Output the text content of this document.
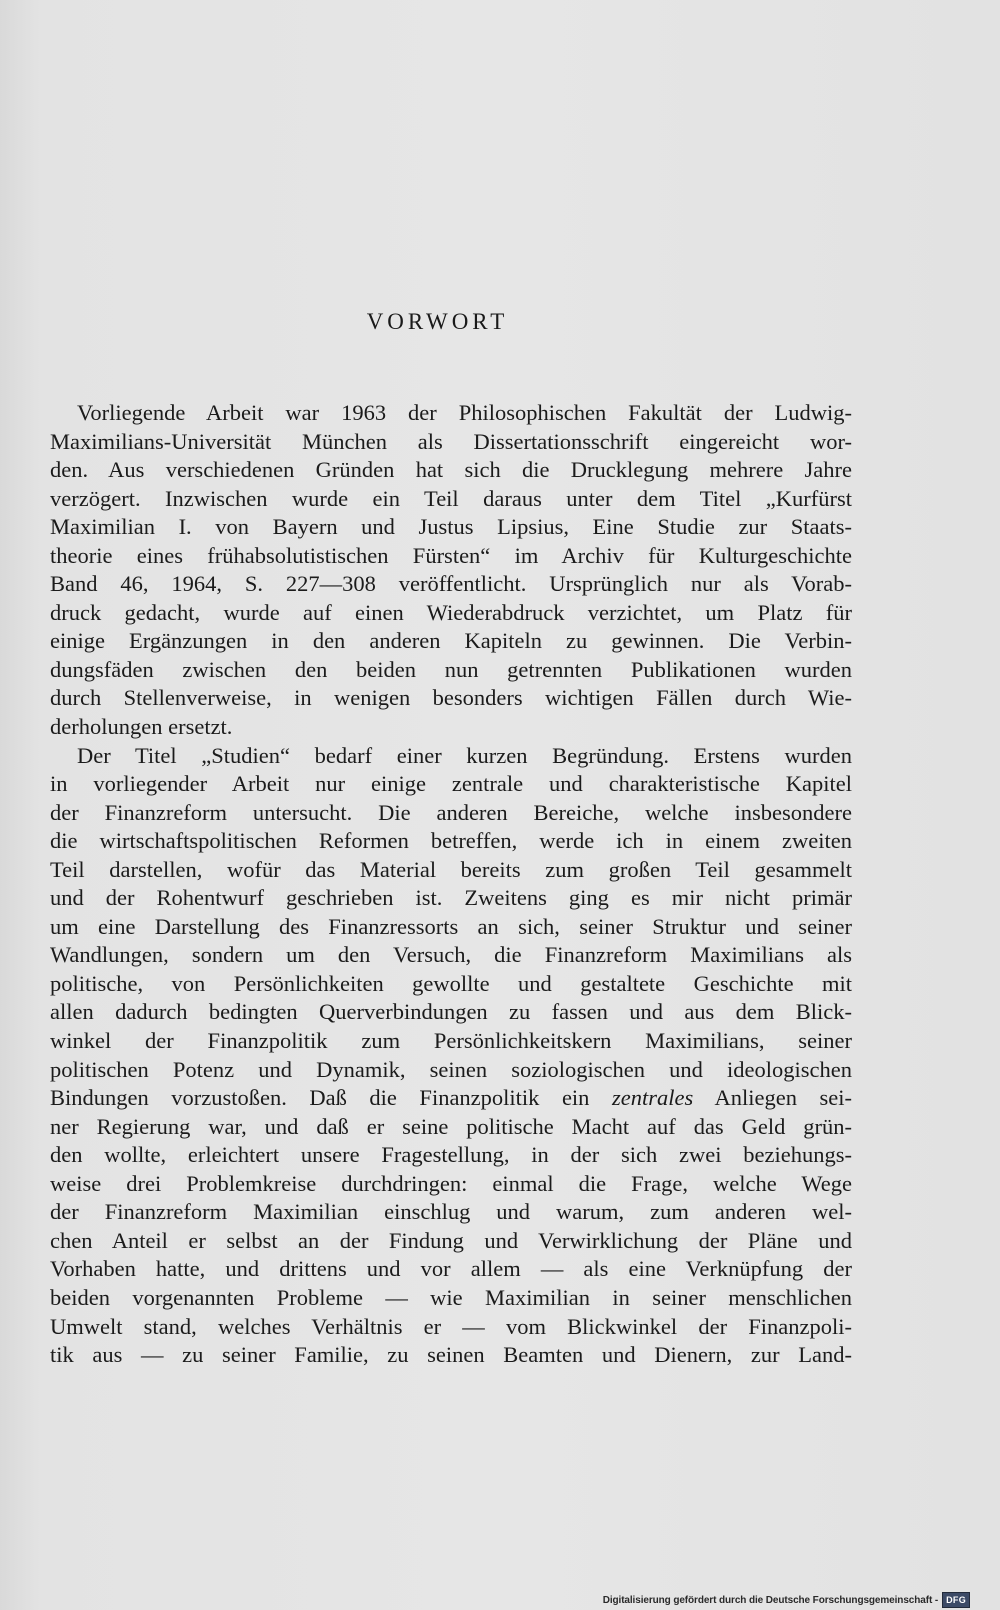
VORWORT
Vorliegende Arbeit war 1963 der Philosophischen Fakultät der Ludwig-
Maximilians-Universität München als Dissertationsschrift eingereicht wor-
den. Aus verschiedenen Gründen hat sich die Drucklegung mehrere Jahre
verzögert. Inzwischen wurde ein Teil daraus unter dem Titel „Kurfürst
Maximilian I. von Bayern und Justus Lipsius, Eine Studie zur Staats-
theorie eines frühabsolutistischen Fürsten“ im Archiv für Kulturgeschichte
Band 46, 1964, S. 227—308 veröffentlicht. Ursprünglich nur als Vorab-
druck gedacht, wurde auf einen Wiederabdruck verzichtet, um Platz für
einige Ergänzungen in den anderen Kapiteln zu gewinnen. Die Verbin-
dungsfäden zwischen den beiden nun getrennten Publikationen wurden
durch Stellenverweise, in wenigen besonders wichtigen Fällen durch Wie-
derholungen ersetzt.
Der Titel „Studien“ bedarf einer kurzen Begründung. Erstens wurden
in vorliegender Arbeit nur einige zentrale und charakteristische Kapitel
der Finanzreform untersucht. Die anderen Bereiche, welche insbesondere
die wirtschaftspolitischen Reformen betreffen, werde ich in einem zweiten
Teil darstellen, wofür das Material bereits zum großen Teil gesammelt
und der Rohentwurf geschrieben ist. Zweitens ging es mir nicht primär
um eine Darstellung des Finanzressorts an sich, seiner Struktur und seiner
Wandlungen, sondern um den Versuch, die Finanzreform Maximilians als
politische, von Persönlichkeiten gewollte und gestaltete Geschichte mit
allen dadurch bedingten Querverbindungen zu fassen und aus dem Blick-
winkel der Finanzpolitik zum Persönlichkeitskern Maximilians, seiner
politischen Potenz und Dynamik, seinen soziologischen und ideologischen
Bindungen vorzustoßen. Daß die Finanzpolitik ein zentrales Anliegen sei-
ner Regierung war, und daß er seine politische Macht auf das Geld grün-
den wollte, erleichtert unsere Fragestellung, in der sich zwei beziehungs-
weise drei Problemkreise durchdringen: einmal die Frage, welche Wege
der Finanzreform Maximilian einschlug und warum, zum anderen wel-
chen Anteil er selbst an der Findung und Verwirklichung der Pläne und
Vorhaben hatte, und drittens und vor allem — als eine Verknüpfung der
beiden vorgenannten Probleme — wie Maximilian in seiner menschlichen
Umwelt stand, welches Verhältnis er — vom Blickwinkel der Finanzpoli-
tik aus — zu seiner Familie, zu seinen Beamten und Dienern, zur Land-
Digitalisierung gefördert durch die Deutsche Forschungsgemeinschaft - DFG
